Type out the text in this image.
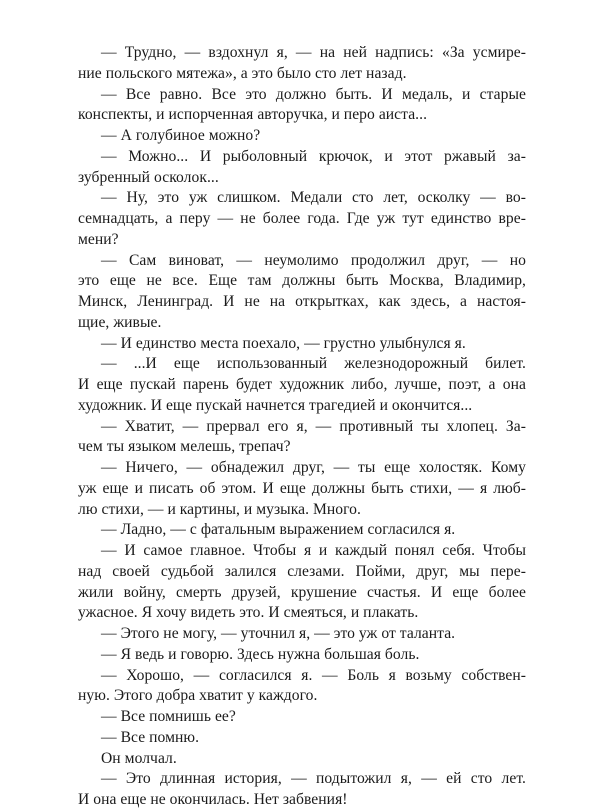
— Трудно, — вздохнул я, — на ней надпись: «За усмире-
ние польского мятежа», а это было сто лет назад.
— Все равно. Все это должно быть. И медаль, и старые
конспекты, и испорченная авторучка, и перо аиста...
— А голубиное можно?
— Можно... И рыболовный крючок, и этот ржавый за-
зубренный осколок...
— Ну, это уж слишком. Медали сто лет, осколку — во-
семнадцать, а перу — не более года. Где уж тут единство вре-
мени?
— Сам виноват, — неумолимо продолжил друг, — но
это еще не все. Еще там должны быть Москва, Владимир,
Минск, Ленинград. И не на открытках, как здесь, а настоя-
щие, живые.
— И единство места поехало, — грустно улыбнулся я.
— ...И еще использованный железнодорожный билет.
И еще пускай парень будет художник либо, лучше, поэт, а она
художник. И еще пускай начнется трагедией и окончится...
— Хватит, — прервал его я, — противный ты хлопец. За-
чем ты языком мелешь, трепач?
— Ничего, — обнадежил друг, — ты еще холостяк. Кому
уж еще и писать об этом. И еще должны быть стихи, — я люб-
лю стихи, — и картины, и музыка. Много.
— Ладно, — с фатальным выражением согласился я.
— И самое главное. Чтобы я и каждый понял себя. Чтобы
над своей судьбой залился слезами. Пойми, друг, мы пере-
жили войну, смерть друзей, крушение счастья. И еще более
ужасное. Я хочу видеть это. И смеяться, и плакать.
— Этого не могу, — уточнил я, — это уж от таланта.
— Я ведь и говорю. Здесь нужна большая боль.
— Хорошо, — согласился я. — Боль я возьму собствен-
ную. Этого добра хватит у каждого.
— Все помнишь ее?
— Все помню.
Он молчал.
— Это длинная история, — подытожил я, — ей сто лет.
И она еще не окончилась. Нет забвения!
